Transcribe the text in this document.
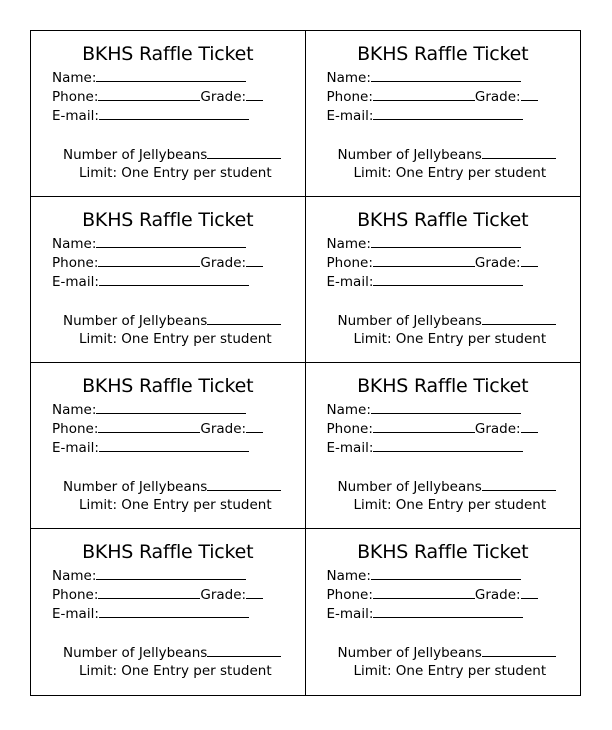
BKHS Raffle Ticket
Name:
Phone:	Grade:
E-mail:
Number of Jellybeans
Limit: One Entry per student
BKHS Raffle Ticket
Name:
Phone:	Grade:
E-mail:
Number of Jellybeans
Limit: One Entry per student
BKHS Raffle Ticket
Name:
Phone:	Grade:
E-mail:
Number of Jellybeans
Limit: One Entry per student
BKHS Raffle Ticket
Name:
Phone:	Grade:
E-mail:
Number of Jellybeans
Limit: One Entry per student
BKHS Raffle Ticket
Name:
Phone:	Grade:
E-mail:
Number of Jellybeans
Limit: One Entry per student
BKHS Raffle Ticket
Name:
Phone:	Grade:
E-mail:
Number of Jellybeans
Limit: One Entry per student
BKHS Raffle Ticket
Name:
Phone:	Grade:
E-mail:
Number of Jellybeans
Limit: One Entry per student
BKHS Raffle Ticket
Name:
Phone:	Grade:
E-mail:
Number of Jellybeans
Limit: One Entry per student
